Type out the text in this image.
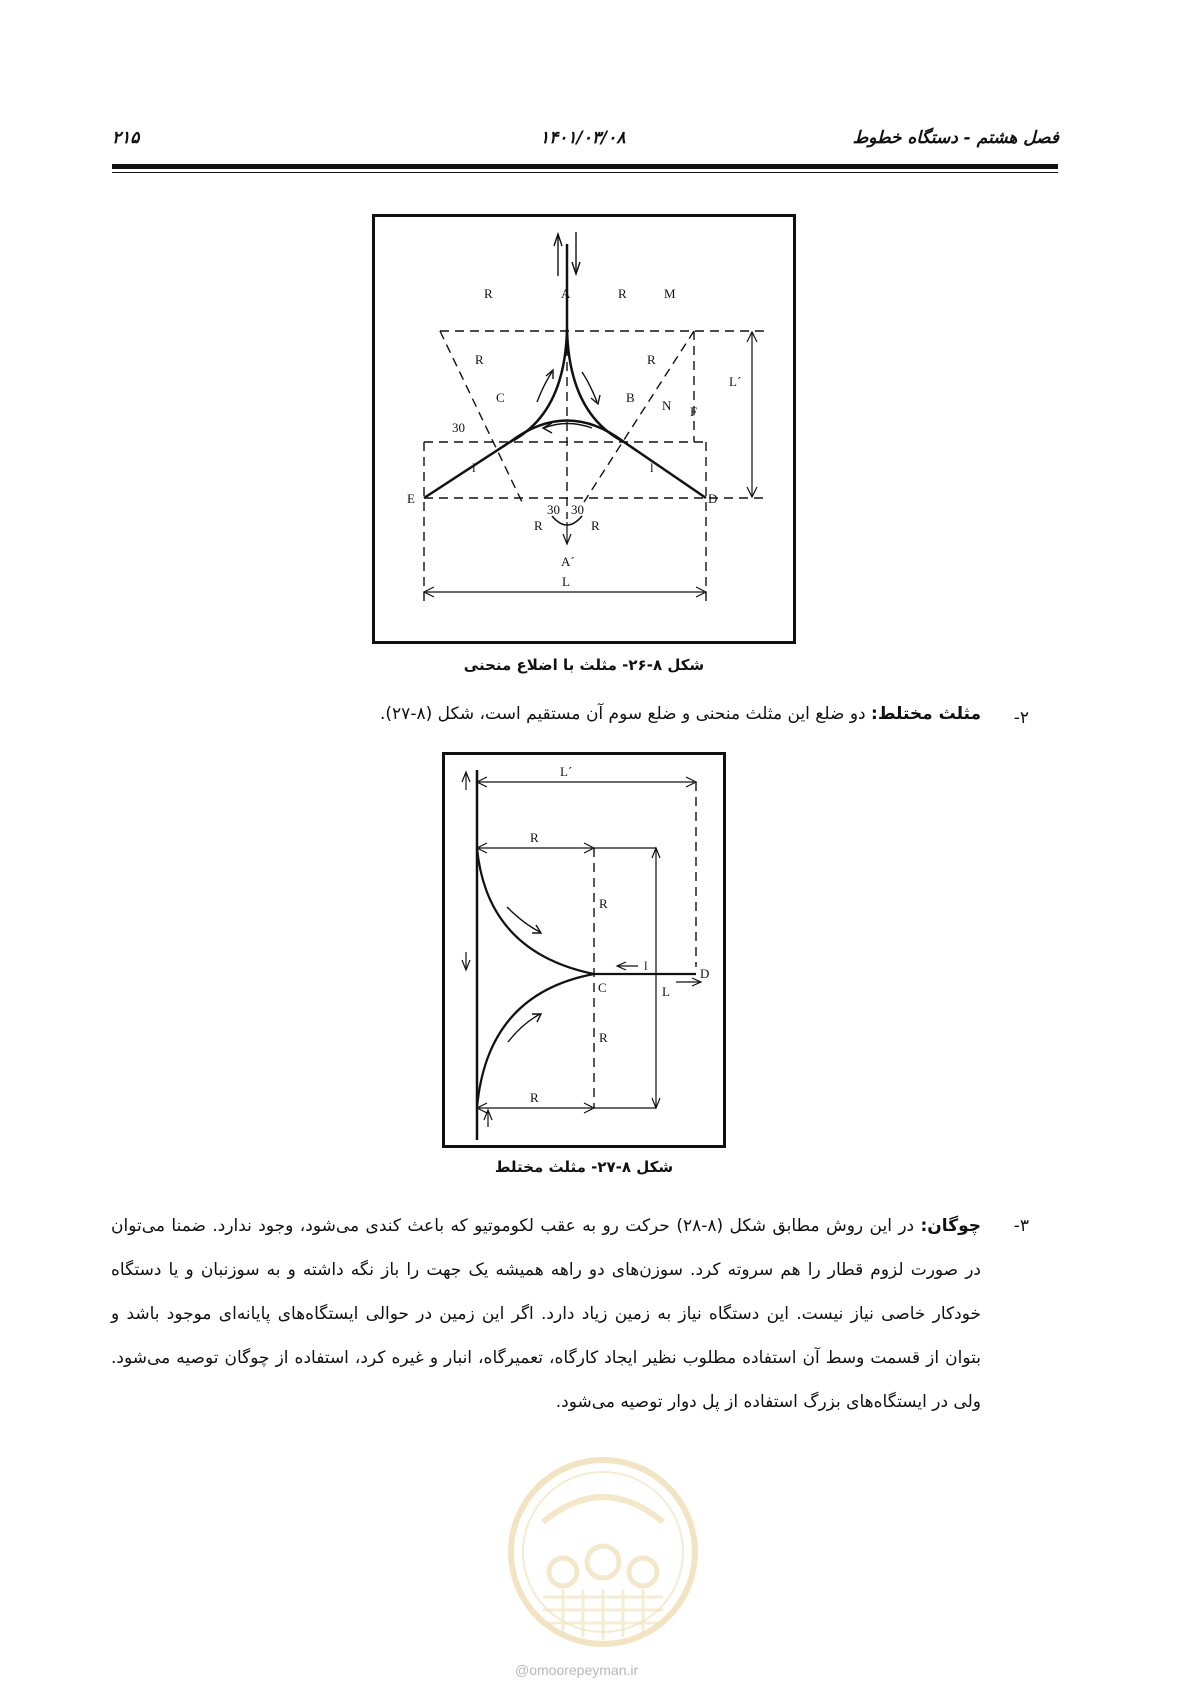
۲۱۵	۱۴۰۱/۰۳/۰۸	فصل هشتم - دستگاه خطوط
R	A	R	M
R	R
L´
C	B
N F
30
l	l
E	D
30 30
R	R
A´
L
شکل ۸-۲۶- مثلث با اضلاع منحنی
-۲
مثلث مختلط: دو ضلع این مثلث منحنی و ضلع سوم آن مستقیم است، شکل (۸-۲۷).
L´
R
R
l
D
C	L
R
R
شکل ۸-۲۷- مثلث مختلط
-۳
چوگان: در این روش مطابق شکل (۸-۲۸) حرکت رو به عقب لکوموتیو که باعث کندی می‌شود، وجود ندارد. ضمنا می‌توان در صورت لزوم قطار را هم سروته کرد. سوزن‌های دو راهه همیشه یک جهت را باز نگه داشته و به سوزنبان و یا دستگاه خودکار خاصی نیاز نیست. این دستگاه نیاز به زمین زیاد دارد. اگر این زمین در حوالی ایستگاه‌های پایانه‌ای موجود باشد و بتوان از قسمت وسط آن استفاده مطلوب نظیر ایجاد کارگاه، تعمیرگاه، انبار و غیره کرد، استفاده از چوگان توصیه می‌شود. ولی در ایستگاه‌های بزرگ استفاده از پل دوار توصیه می‌شود.
@omoorepeyman.ir
